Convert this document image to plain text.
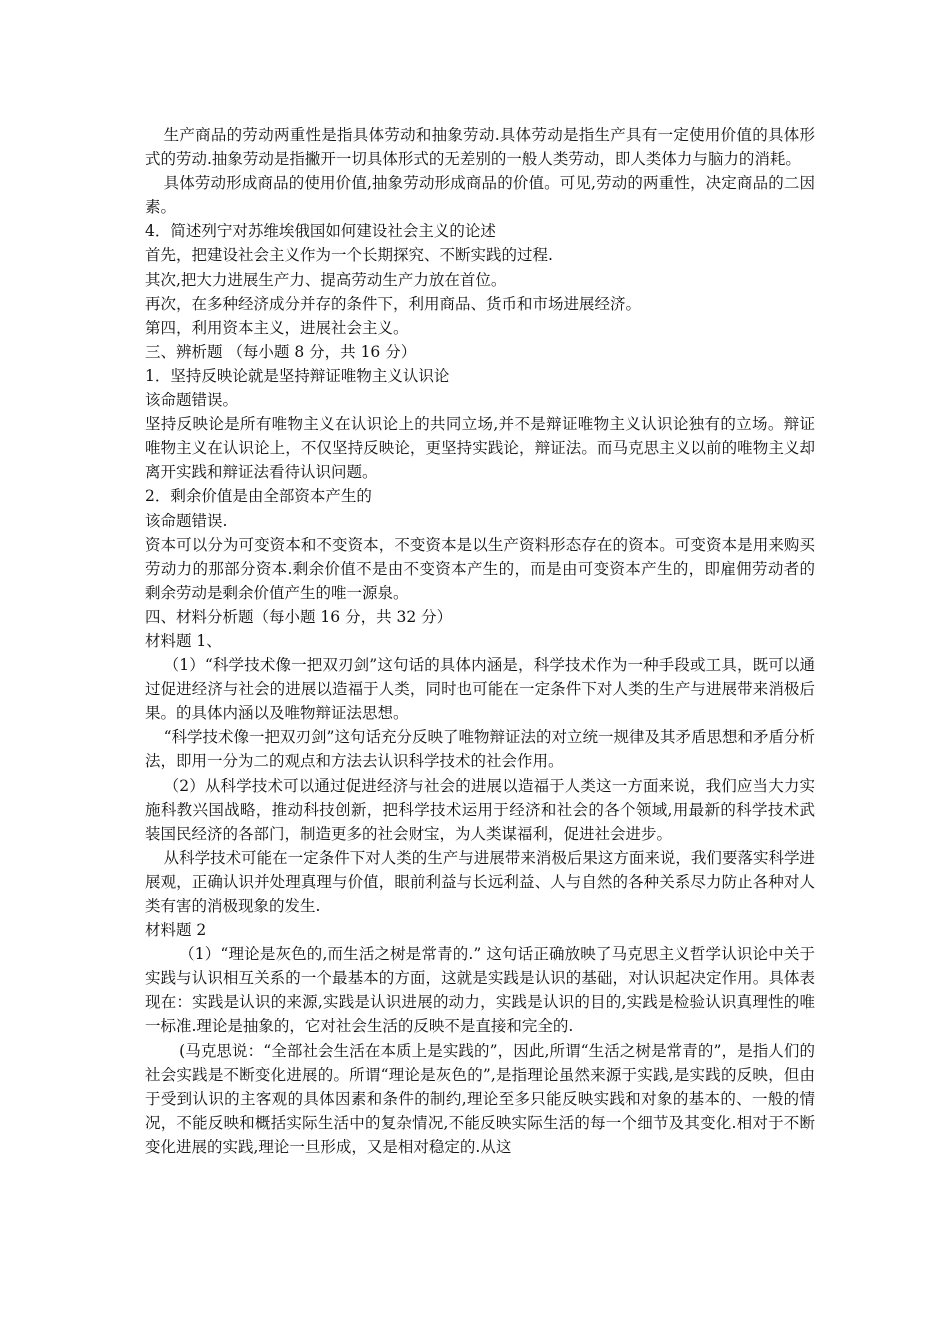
生产商品的劳动两重性是指具体劳动和抽象劳动.具体劳动是指生产具有一定使用价值的具体形式的劳动.抽象劳动是指撇开一切具体形式的无差别的一般人类劳动，即人类体力与脑力的消耗。

具体劳动形成商品的使用价值,抽象劳动形成商品的价值。可见,劳动的两重性，决定商品的二因素。

4．简述列宁对苏维埃俄国如何建设社会主义的论述

首先，把建设社会主义作为一个长期探究、不断实践的过程.

其次,把大力进展生产力、提高劳动生产力放在首位。

再次，在多种经济成分并存的条件下，利用商品、货币和市场进展经济。

第四，利用资本主义，进展社会主义。

三、辨析题 （每小题 8 分，共 16 分）

1．坚持反映论就是坚持辩证唯物主义认识论

该命题错误。

坚持反映论是所有唯物主义在认识论上的共同立场,并不是辩证唯物主义认识论独有的立场。辩证唯物主义在认识论上，不仅坚持反映论，更坚持实践论，辩证法。而马克思主义以前的唯物主义却离开实践和辩证法看待认识问题。

2．剩余价值是由全部资本产生的

该命题错误.

资本可以分为可变资本和不变资本，不变资本是以生产资料形态存在的资本。可变资本是用来购买劳动力的那部分资本.剩余价值不是由不变资本产生的，而是由可变资本产生的，即雇佣劳动者的剩余劳动是剩余价值产生的唯一源泉。

四、材料分析题（每小题 16 分，共 32 分）

材料题 1、

（1）“科学技术像一把双刃剑”这句话的具体内涵是，科学技术作为一种手段或工具，既可以通过促进经济与社会的进展以造福于人类，同时也可能在一定条件下对人类的生产与进展带来消极后果。的具体内涵以及唯物辩证法思想。

“科学技术像一把双刃剑”这句话充分反映了唯物辩证法的对立统一规律及其矛盾思想和矛盾分析法，即用一分为二的观点和方法去认识科学技术的社会作用。

（2）从科学技术可以通过促进经济与社会的进展以造福于人类这一方面来说，我们应当大力实施科教兴国战略，推动科技创新，把科学技术运用于经济和社会的各个领域,用最新的科学技术武装国民经济的各部门，制造更多的社会财宝，为人类谋福利，促进社会进步。

从科学技术可能在一定条件下对人类的生产与进展带来消极后果这方面来说，我们要落实科学进展观，正确认识并处理真理与价值，眼前利益与长远利益、人与自然的各种关系尽力防止各种对人类有害的消极现象的发生.

材料题 2

（1）“理论是灰色的,而生活之树是常青的.” 这句话正确放映了马克思主义哲学认识论中关于实践与认识相互关系的一个最基本的方面，这就是实践是认识的基础，对认识起决定作用。具体表现在：实践是认识的来源,实践是认识进展的动力，实践是认识的目的,实践是检验认识真理性的唯一标准.理论是抽象的，它对社会生活的反映不是直接和完全的.

(马克思说：“全部社会生活在本质上是实践的”，因此,所谓“生活之树是常青的”，是指人们的社会实践是不断变化进展的。所谓“理论是灰色的”,是指理论虽然来源于实践,是实践的反映，但由于受到认识的主客观的具体因素和条件的制约,理论至多只能反映实践和对象的基本的、一般的情况，不能反映和概括实际生活中的复杂情况,不能反映实际生活的每一个细节及其变化.相对于不断变化进展的实践,理论一旦形成，又是相对稳定的.从这
